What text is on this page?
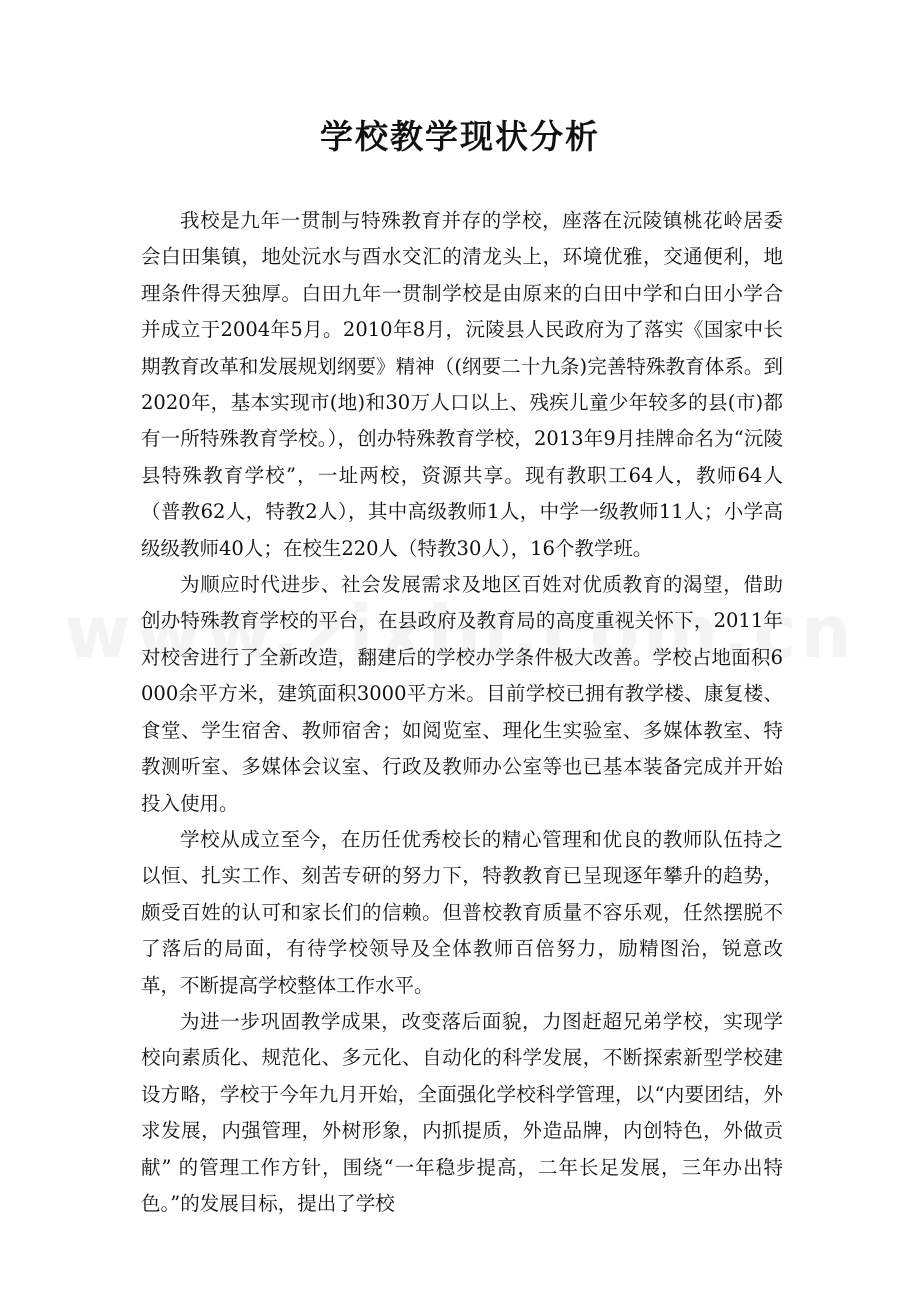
学校教学现状分析

我校是九年一贯制与特殊教育并存的学校，座落在沅陵镇桃花岭居委会白田集镇，地处沅水与酉水交汇的清龙头上，环境优雅，交通便利，地理条件得天独厚。白田九年一贯制学校是由原来的白田中学和白田小学合并成立于2004年5月。2010年8月，沅陵县人民政府为了落实《国家中长期教育改革和发展规划纲要》精神（(纲要二十九条)完善特殊教育体系。到2020年，基本实现市(地)和30万人口以上、残疾儿童少年较多的县(市)都有一所特殊教育学校。），创办特殊教育学校，2013年9月挂牌命名为“沅陵县特殊教育学校”，一址两校，资源共享。现有教职工64人，教师64人（普教62人，特教2人），其中高级教师1人，中学一级教师11人；小学高级级教师40人；在校生220人（特教30人），16个教学班。

为顺应时代进步、社会发展需求及地区百姓对优质教育的渴望，借助创办特殊教育学校的平台，在县政府及教育局的高度重视关怀下，2011年对校舍进行了全新改造，翻建后的学校办学条件极大改善。学校占地面积6000余平方米，建筑面积3000平方米。目前学校已拥有教学楼、康复楼、食堂、学生宿舍、教师宿舍；如阅览室、理化生实验室、多媒体教室、特教测听室、多媒体会议室、行政及教师办公室等也已基本装备完成并开始投入使用。

学校从成立至今，在历任优秀校长的精心管理和优良的教师队伍持之以恒、扎实工作、刻苦专研的努力下，特教教育已呈现逐年攀升的趋势，颇受百姓的认可和家长们的信赖。但普校教育质量不容乐观，任然摆脱不了落后的局面，有待学校领导及全体教师百倍努力，励精图治，锐意改革，不断提高学校整体工作水平。

为进一步巩固教学成果，改变落后面貌，力图赶超兄弟学校，实现学校向素质化、规范化、多元化、自动化的科学发展，不断探索新型学校建设方略，学校于今年九月开始，全面强化学校科学管理，以“内要团结，外求发展，内强管理，外树形象，内抓提质，外造品牌，内创特色，外做贡献” 的管理工作方针，围绕“一年稳步提高，二年长足发展，三年办出特色。”的发展目标，提出了学校
